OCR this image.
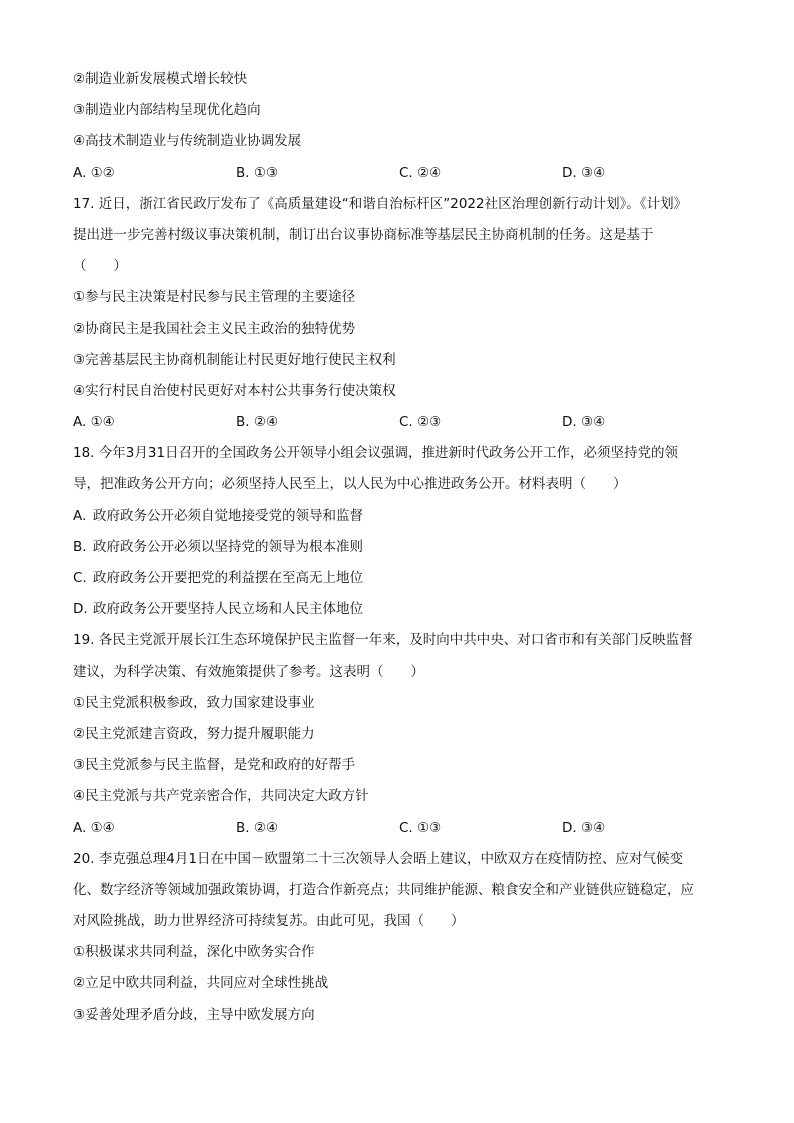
②制造业新发展模式增长较快
③制造业内部结构呈现优化趋向
④高技术制造业与传统制造业协调发展
A. ①②	B. ①③	C. ②④	D. ③④
17. 近日，浙江省民政厅发布了《高质量建设“和谐自治标杆区”2022社区治理创新行动计划》。《计划》
提出进一步完善村级议事决策机制，制订出台议事协商标准等基层民主协商机制的任务。这是基于
（　　）
①参与民主决策是村民参与民主管理的主要途径
②协商民主是我国社会主义民主政治的独特优势
③完善基层民主协商机制能让村民更好地行使民主权利
④实行村民自治使村民更好对本村公共事务行使决策权
A. ①④	B. ②④	C. ②③	D. ③④
18. 今年3月31日召开的全国政务公开领导小组会议强调，推进新时代政务公开工作，必须坚持党的领
导，把准政务公开方向；必须坚持人民至上，以人民为中心推进政务公开。材料表明（　　）
A. 政府政务公开必须自觉地接受党的领导和监督
B. 政府政务公开必须以坚持党的领导为根本准则
C. 政府政务公开要把党的利益摆在至高无上地位
D. 政府政务公开要坚持人民立场和人民主体地位
19. 各民主党派开展长江生态环境保护民主监督一年来，及时向中共中央、对口省市和有关部门反映监督
建议，为科学决策、有效施策提供了参考。这表明（　　）
①民主党派积极参政，致力国家建设事业
②民主党派建言资政，努力提升履职能力
③民主党派参与民主监督，是党和政府的好帮手
④民主党派与共产党亲密合作，共同决定大政方针
A. ①④	B. ②④	C. ①③	D. ③④
20. 李克强总理4月1日在中国－欧盟第二十三次领导人会晤上建议，中欧双方在疫情防控、应对气候变
化、数字经济等领域加强政策协调，打造合作新亮点；共同维护能源、粮食安全和产业链供应链稳定，应
对风险挑战，助力世界经济可持续复苏。由此可见，我国（　　）
①积极谋求共同利益，深化中欧务实合作
②立足中欧共同利益，共同应对全球性挑战
③妥善处理矛盾分歧，主导中欧发展方向
